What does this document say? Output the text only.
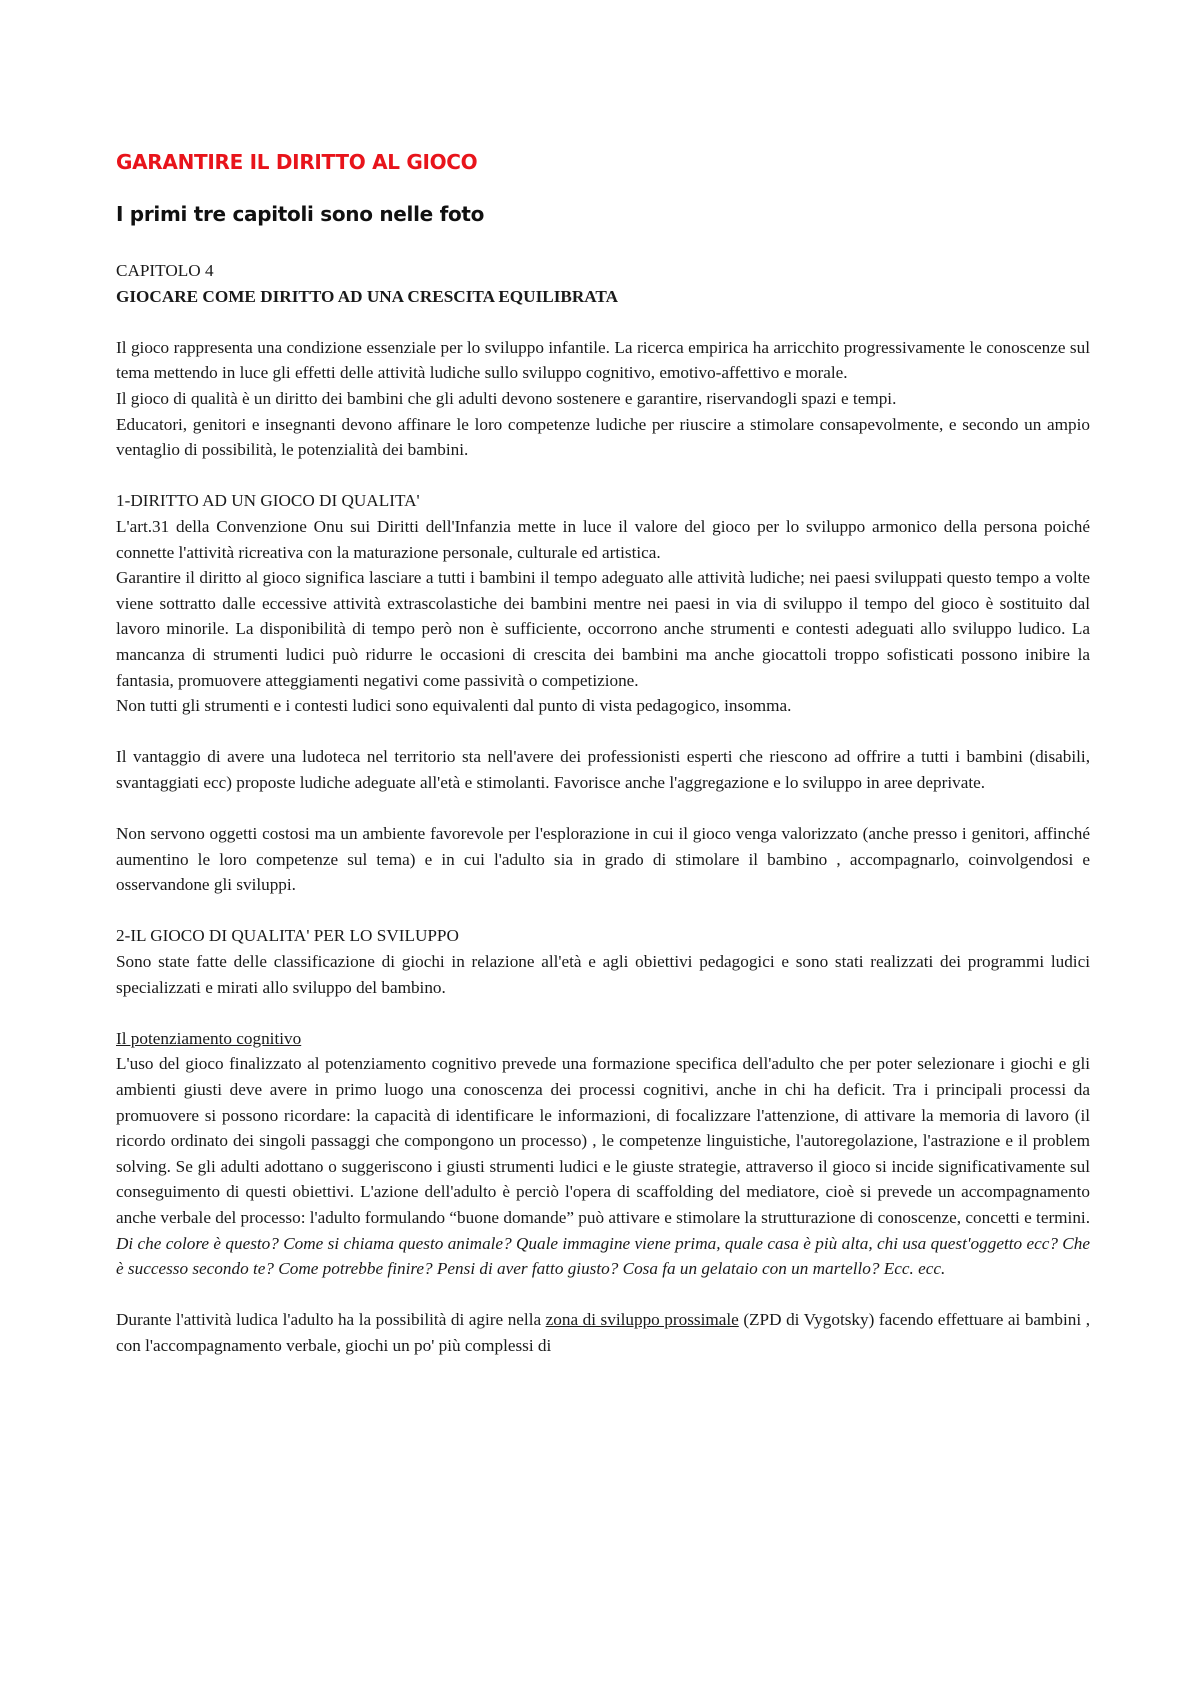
GARANTIRE IL DIRITTO AL GIOCO
I primi tre capitoli sono nelle foto

CAPITOLO 4

GIOCARE COME DIRITTO AD UNA CRESCITA EQUILIBRATA

Il gioco rappresenta una condizione essenziale per lo sviluppo infantile. La ricerca empirica ha arricchito progressivamente le conoscenze sul tema mettendo in luce gli effetti delle attività ludiche sullo sviluppo cognitivo, emotivo-affettivo e morale.

Il gioco di qualità è un diritto dei bambini che gli adulti devono sostenere e garantire, riservandogli spazi e tempi.

Educatori, genitori e insegnanti devono affinare le loro competenze ludiche per riuscire a stimolare consapevolmente, e secondo un ampio ventaglio di possibilità, le potenzialità dei bambini.

1-DIRITTO AD UN GIOCO DI QUALITA'

L'art.31 della Convenzione Onu sui Diritti dell'Infanzia mette in luce il valore del gioco per lo sviluppo armonico della persona poiché connette l'attività ricreativa con la maturazione personale, culturale ed artistica.

Garantire il diritto al gioco significa lasciare a tutti i bambini il tempo adeguato alle attività ludiche; nei paesi sviluppati questo tempo a volte viene sottratto dalle eccessive attività extrascolastiche dei bambini mentre nei paesi in via di sviluppo il tempo del gioco è sostituito dal lavoro minorile. La disponibilità di tempo però non è sufficiente, occorrono anche strumenti e contesti adeguati allo sviluppo ludico. La mancanza di strumenti ludici può ridurre le occasioni di crescita dei bambini ma anche giocattoli troppo sofisticati possono inibire la fantasia, promuovere atteggiamenti negativi come passività o competizione.

Non tutti gli strumenti e i contesti ludici sono equivalenti dal punto di vista pedagogico, insomma.

Il vantaggio di avere una ludoteca nel territorio sta nell'avere dei professionisti esperti che riescono ad offrire a tutti i bambini (disabili, svantaggiati ecc) proposte ludiche adeguate all'età e stimolanti. Favorisce anche l'aggregazione e lo sviluppo in aree deprivate.

Non servono oggetti costosi ma un ambiente favorevole per l'esplorazione in cui il gioco venga valorizzato (anche presso i genitori, affinché aumentino le loro competenze sul tema) e in cui l'adulto sia in grado di stimolare il bambino , accompagnarlo, coinvolgendosi e osservandone gli sviluppi.

2-IL GIOCO DI QUALITA' PER LO SVILUPPO

Sono state fatte delle classificazione di giochi in relazione all'età e agli obiettivi pedagogici e sono stati realizzati dei programmi ludici specializzati e mirati allo sviluppo del bambino.

Il potenziamento cognitivo

L'uso del gioco finalizzato al potenziamento cognitivo prevede una formazione specifica dell'adulto che per poter selezionare i giochi e gli ambienti giusti deve avere in primo luogo una conoscenza dei processi cognitivi, anche in chi ha deficit. Tra i principali processi da promuovere si possono ricordare: la capacità di identificare le informazioni, di focalizzare l'attenzione, di attivare la memoria di lavoro (il ricordo ordinato dei singoli passaggi che compongono un processo) , le competenze linguistiche, l'autoregolazione, l'astrazione e il problem solving. Se gli adulti adottano o suggeriscono i giusti strumenti ludici e le giuste strategie, attraverso il gioco si incide significativamente sul conseguimento di questi obiettivi. L'azione dell'adulto è perciò l'opera di scaffolding del mediatore, cioè si prevede un accompagnamento anche verbale del processo: l'adulto formulando “buone domande” può attivare e stimolare la strutturazione di conoscenze, concetti e termini. Di che colore è questo? Come si chiama questo animale? Quale immagine viene prima, quale casa è più alta, chi usa quest'oggetto ecc? Che è successo secondo te? Come potrebbe finire? Pensi di aver fatto giusto? Cosa fa un gelataio con un martello? Ecc. ecc.

Durante l'attività ludica l'adulto ha la possibilità di agire nella zona di sviluppo prossimale (ZPD di Vygotsky) facendo effettuare ai bambini , con l'accompagnamento verbale, giochi un po' più complessi di
